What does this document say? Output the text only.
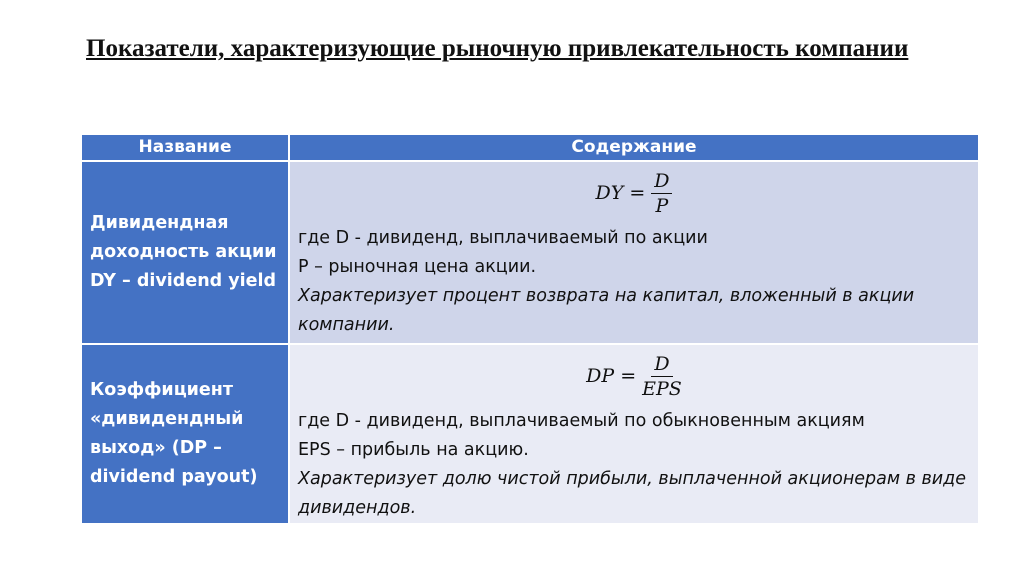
Показатели, характеризующие рыночную привлекательность компании
Название	Содержание
Дивидендная доходность акции DY – dividend yield
DY = $\frac{D}{P}$
где D - дивиденд, выплачиваемый по акции
P – рыночная цена акции.
Характеризует процент возврата на капитал, вложенный в акции компании.
Коэффициент «дивидендный выход» (DP – dividend payout)
DP = $\frac{D}{\text{EPS}}$
где D - дивиденд, выплачиваемый по обыкновенным акциям
EPS – прибыль на акцию.
Характеризует долю чистой прибыли, выплаченной акционерам в виде дивидендов.
